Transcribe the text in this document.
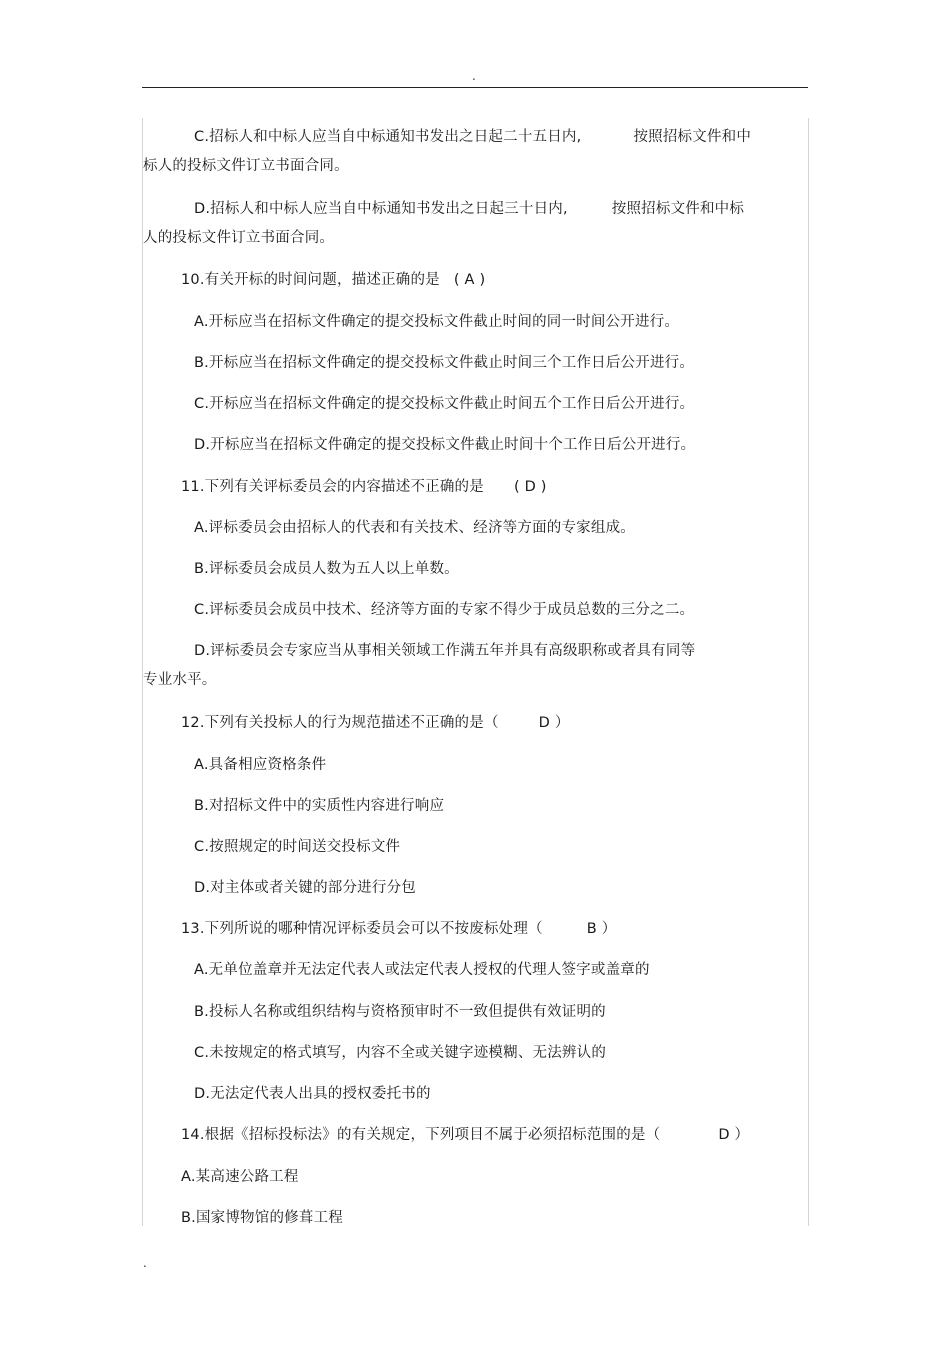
.
C.招标人和中标人应当自中标通知书发出之日起二十五日内,	按照招标文件和中
标人的投标文件订立书面合同。
D.招标人和中标人应当自中标通知书发出之日起三十日内,	按照招标文件和中标
人的投标文件订立书面合同。
10.有关开标的时间问题，描述正确的是 ( A )
A.开标应当在招标文件确定的提交投标文件截止时间的同一时间公开进行。
B.开标应当在招标文件确定的提交投标文件截止时间三个工作日后公开进行。
C.开标应当在招标文件确定的提交投标文件截止时间五个工作日后公开进行。
D.开标应当在招标文件确定的提交投标文件截止时间十个工作日后公开进行。
11.下列有关评标委员会的内容描述不正确的是 ( D )
A.评标委员会由招标人的代表和有关技术、经济等方面的专家组成。
B.评标委员会成员人数为五人以上单数。
C.评标委员会成员中技术、经济等方面的专家不得少于成员总数的三分之二。
D.评标委员会专家应当从事相关领域工作满五年并具有高级职称或者具有同等
专业水平。
12.下列有关投标人的行为规范描述不正确的是（	D ）
A.具备相应资格条件
B.对招标文件中的实质性内容进行响应
C.按照规定的时间送交投标文件
D.对主体或者关键的部分进行分包
13.下列所说的哪种情况评标委员会可以不按废标处理（	B ）
A.无单位盖章并无法定代表人或法定代表人授权的代理人签字或盖章的
B.投标人名称或组织结构与资格预审时不一致但提供有效证明的
C.未按规定的格式填写，内容不全或关键字迹模糊、无法辨认的
D.无法定代表人出具的授权委托书的
14.根据《招标投标法》的有关规定，下列项目不属于必须招标范围的是（	D ）
A.某高速公路工程
B.国家博物馆的修葺工程
.
